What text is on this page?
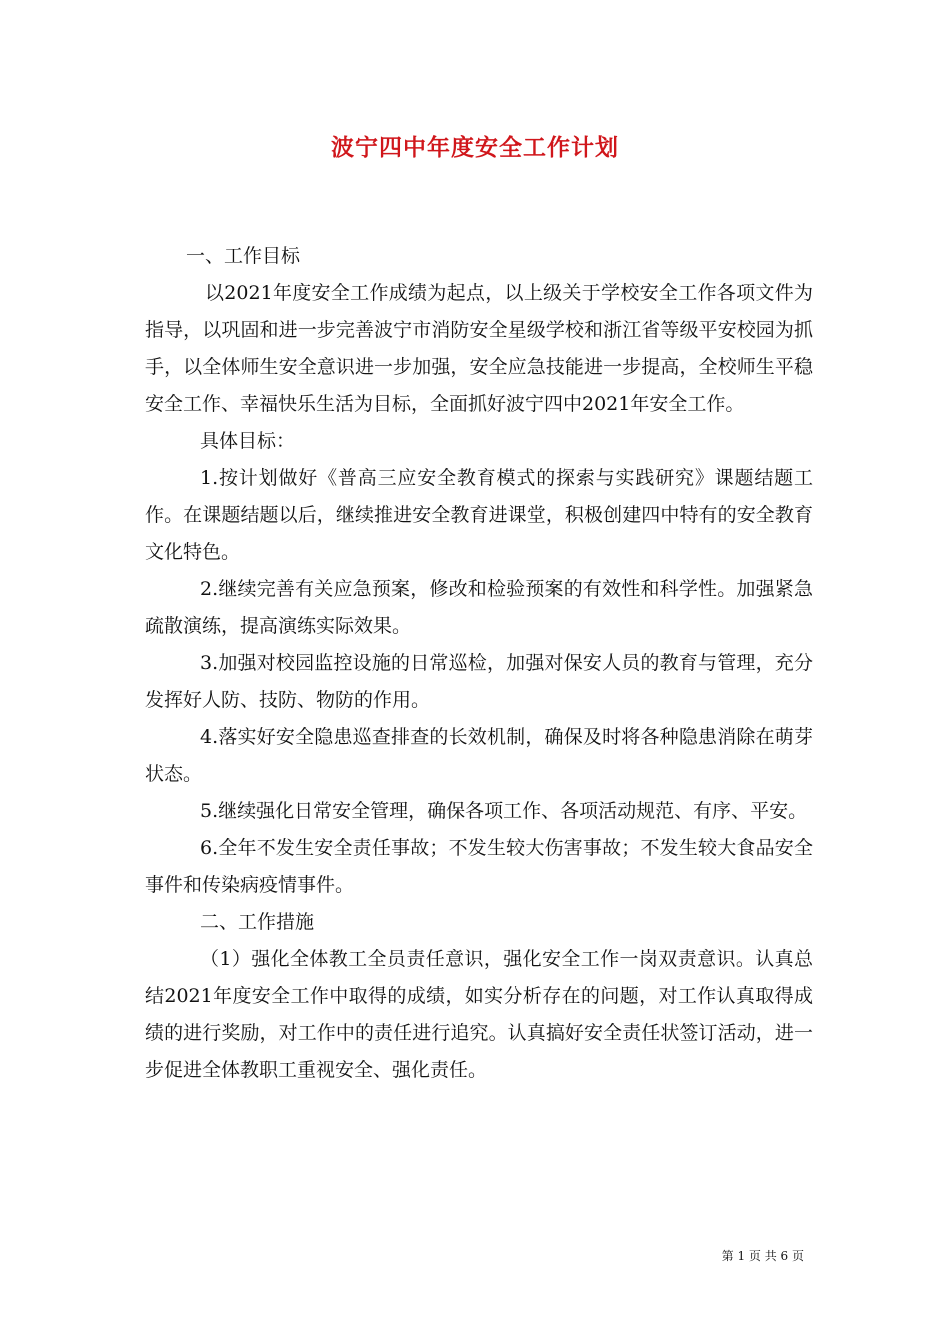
波宁四中年度安全工作计划

一、工作目标

以2021年度安全工作成绩为起点，以上级关于学校安全工作各项文件为指导，以巩固和进一步完善波宁市消防安全星级学校和浙江省等级平安校园为抓手，以全体师生安全意识进一步加强，安全应急技能进一步提高，全校师生平稳安全工作、幸福快乐生活为目标，全面抓好波宁四中2021年安全工作。

具体目标：

1.按计划做好《普高三应安全教育模式的探索与实践研究》课题结题工作。在课题结题以后，继续推进安全教育进课堂，积极创建四中特有的安全教育文化特色。

2.继续完善有关应急预案，修改和检验预案的有效性和科学性。加强紧急疏散演练，提高演练实际效果。

3.加强对校园监控设施的日常巡检，加强对保安人员的教育与管理，充分发挥好人防、技防、物防的作用。

4.落实好安全隐患巡查排查的长效机制，确保及时将各种隐患消除在萌芽状态。

5.继续强化日常安全管理，确保各项工作、各项活动规范、有序、平安。

6.全年不发生安全责任事故；不发生较大伤害事故；不发生较大食品安全事件和传染病疫情事件。

二、工作措施

（1）强化全体教工全员责任意识，强化安全工作一岗双责意识。认真总结2021年度安全工作中取得的成绩，如实分析存在的问题，对工作认真取得成绩的进行奖励，对工作中的责任进行追究。认真搞好安全责任状签订活动，进一步促进全体教职工重视安全、强化责任。

第 1 页 共 6 页
